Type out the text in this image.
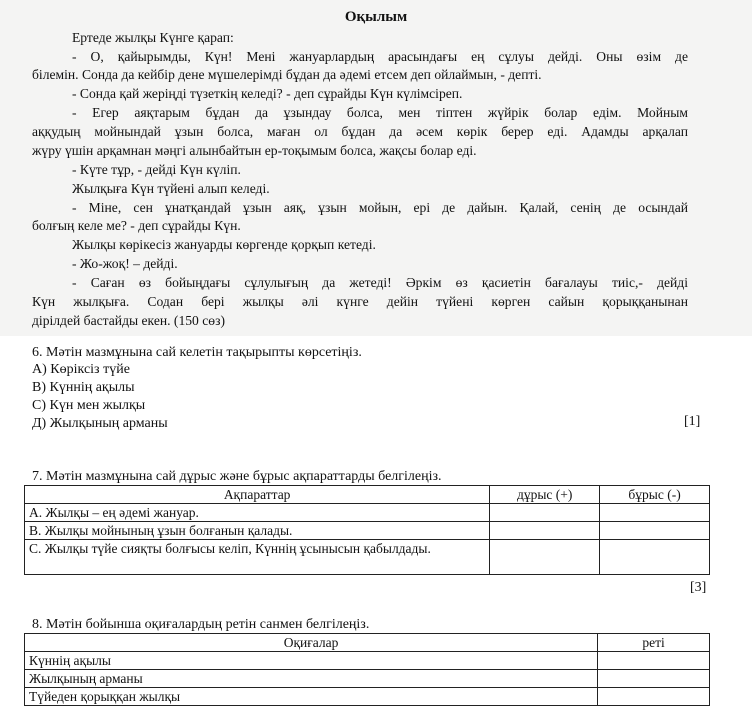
Оқылым
Ертеде жылқы Күнге қарап:
- О, қайырымды, Күн! Мені жануарлардың арасындағы ең сұлуы дейді. Оны өзім де
білемін. Сонда да кейбір дене мүшелерімді бұдан да әдемі етсем деп ойлаймын, - депті.
- Сонда қай жеріңді түзеткің келеді? - деп сұрайды Күн күлімсіреп.
- Егер аяқтарым бұдан да ұзындау болса, мен тіптен жүйрік болар едім. Мойным
аққудың мойнындай ұзын болса, маған ол бұдан да әсем көрік берер еді. Адамды арқалап
жүру үшін арқамнан мәңгі алынбайтын ер-тоқымым болса, жақсы болар еді.
- Күте тұр, - дейді Күн күліп.
Жылқыға Күн түйені алып келеді.
- Міне, сен ұнатқандай ұзын аяқ, ұзын мойын, ері де дайын. Қалай, сенің де осындай
болғың келе ме? - деп сұрайды Күн.
Жылқы көрікесіз жануарды көргенде қорқып кетеді.
- Жо-жоқ! – дейді.
- Саған өз бойыңдағы сұлулығың да жетеді! Әркім өз қасиетін бағалауы тиіс,- дейді
Күн жылқыға. Содан бері жылқы әлі күнге дейін түйені көрген сайын қорыққанынан
дірілдей бастайды екен. (150 сөз)
6. Мәтін мазмұнына сай келетін тақырыпты көрсетіңіз.
А) Көріксіз түйе
В) Күннің ақылы
С) Күн мен жылқы
Д) Жылқының арманы	[1]
7. Мәтін мазмұнына сай дұрыс және бұрыс ақпараттарды белгілеңіз.
Ақпараттар	дұрыс (+)	бұрыс (-)
А. Жылқы – ең әдемі жануар.		
В. Жылқы мойнының ұзын болғанын қалады.		
С. Жылқы түйе сияқты болғысы келіп, Күннің ұсынысын қабылдады.		
[3]
8. Мәтін бойынша оқиғалардың ретін санмен белгілеңіз.
Оқиғалар	реті
Күннің ақылы	
Жылқының арманы	
Түйеден қорыққан жылқы	
